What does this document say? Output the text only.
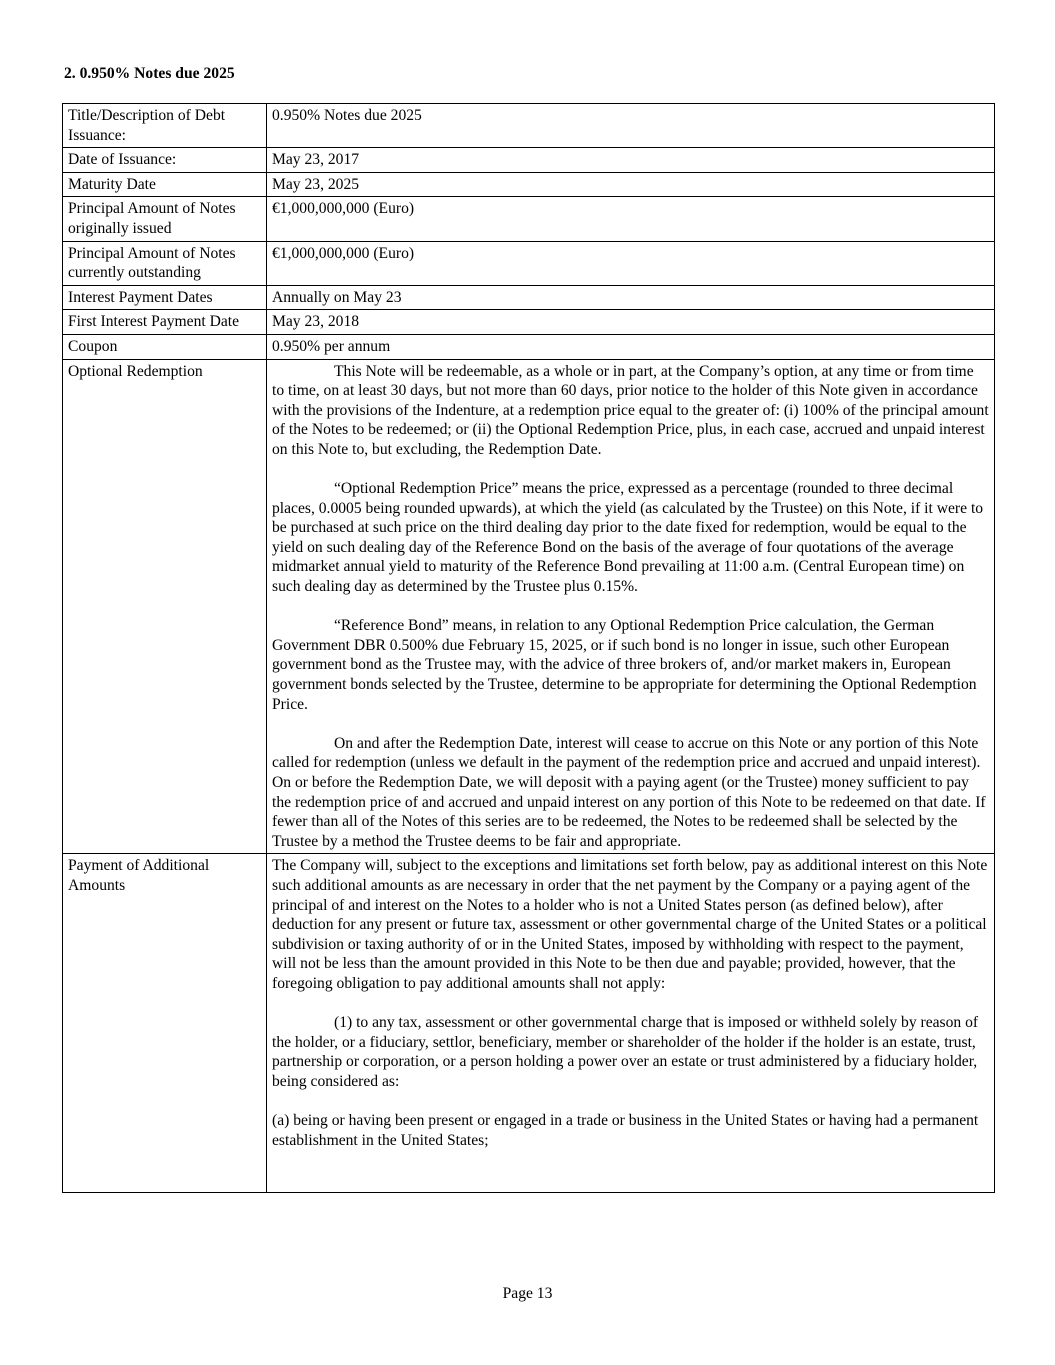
2. 0.950% Notes due 2025
Title/Description of Debt Issuance:	0.950% Notes due 2025
Date of Issuance:	May 23, 2017
Maturity Date	May 23, 2025
Principal Amount of Notes originally issued	€1,000,000,000 (Euro)
Principal Amount of Notes currently outstanding	€1,000,000,000 (Euro)
Interest Payment Dates	Annually on May 23
First Interest Payment Date	May 23, 2018
Coupon	0.950% per annum
Optional Redemption	This Note will be redeemable, as a whole or in part, at the Company’s option, at any time or from time to time, on at least 30 days, but not more than 60 days, prior notice to the holder of this Note given in accordance with the provisions of the Indenture, at a redemption price equal to the greater of: (i) 100% of the principal amount of the Notes to be redeemed; or (ii) the Optional Redemption Price, plus, in each case, accrued and unpaid interest on this Note to, but excluding, the Redemption Date.

“Optional Redemption Price” means the price, expressed as a percentage (rounded to three decimal places, 0.0005 being rounded upwards), at which the yield (as calculated by the Trustee) on this Note, if it were to be purchased at such price on the third dealing day prior to the date fixed for redemption, would be equal to the yield on such dealing day of the Reference Bond on the basis of the average of four quotations of the average midmarket annual yield to maturity of the Reference Bond prevailing at 11:00 a.m. (Central European time) on such dealing day as determined by the Trustee plus 0.15%.

“Reference Bond” means, in relation to any Optional Redemption Price calculation, the German Government DBR 0.500% due February 15, 2025, or if such bond is no longer in issue, such other European government bond as the Trustee may, with the advice of three brokers of, and/or market makers in, European government bonds selected by the Trustee, determine to be appropriate for determining the Optional Redemption Price.

On and after the Redemption Date, interest will cease to accrue on this Note or any portion of this Note called for redemption (unless we default in the payment of the redemption price and accrued and unpaid interest). On or before the Redemption Date, we will deposit with a paying agent (or the Trustee) money sufficient to pay the redemption price of and accrued and unpaid interest on any portion of this Note to be redeemed on that date. If fewer than all of the Notes of this series are to be redeemed, the Notes to be redeemed shall be selected by the Trustee by a method the Trustee deems to be fair and appropriate.

Payment of Additional Amounts	The Company will, subject to the exceptions and limitations set forth below, pay as additional interest on this Note such additional amounts as are necessary in order that the net payment by the Company or a paying agent of the principal of and interest on the Notes to a holder who is not a United States person (as defined below), after deduction for any present or future tax, assessment or other governmental charge of the United States or a political subdivision or taxing authority of or in the United States, imposed by withholding with respect to the payment, will not be less than the amount provided in this Note to be then due and payable; provided, however, that the foregoing obligation to pay additional amounts shall not apply:

(1) to any tax, assessment or other governmental charge that is imposed or withheld solely by reason of the holder, or a fiduciary, settlor, beneficiary, member or shareholder of the holder if the holder is an estate, trust, partnership or corporation, or a person holding a power over an estate or trust administered by a fiduciary holder, being considered as:

(a) being or having been present or engaged in a trade or business in the United States or having had a permanent establishment in the United States;

Page 13
